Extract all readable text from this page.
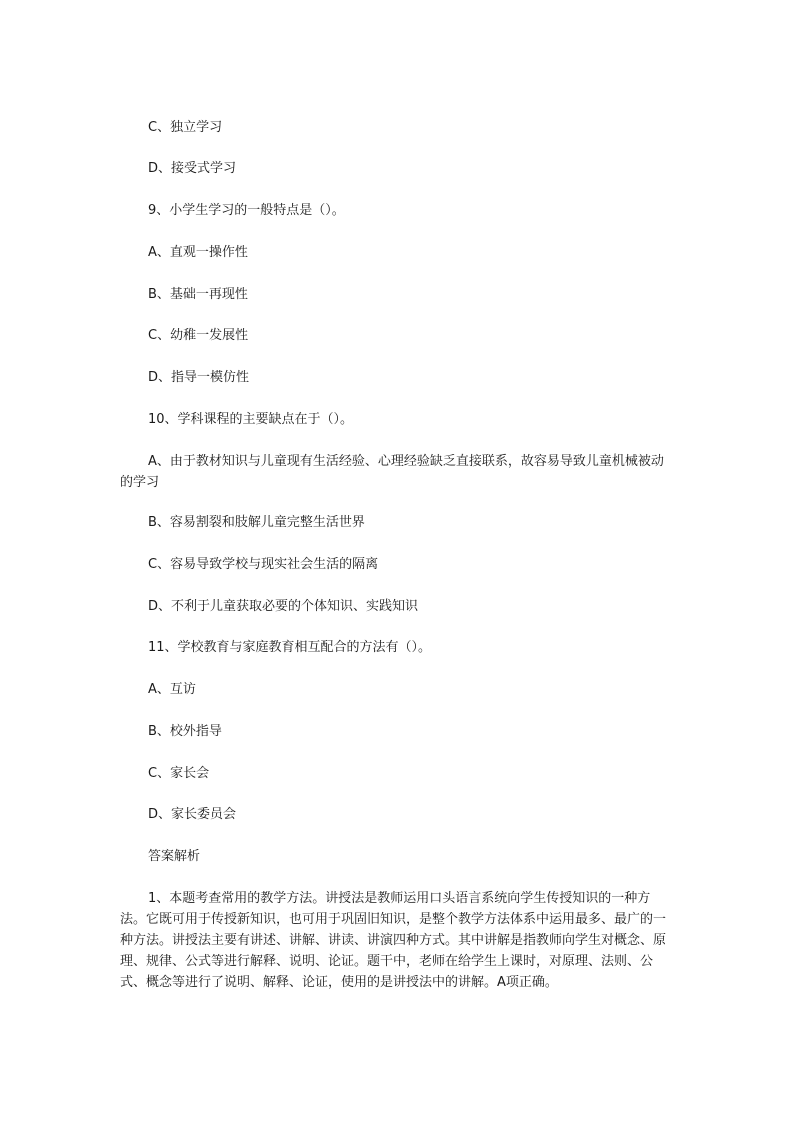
C、独立学习
D、接受式学习
9、小学生学习的一般特点是（）。
A、直观一操作性
B、基础一再现性
C、幼稚一发展性
D、指导一模仿性
10、学科课程的主要缺点在于（）。
A、由于教材知识与儿童现有生活经验、心理经验缺乏直接联系，故容易导致儿童机械被动的学习
B、容易割裂和肢解儿童完整生活世界
C、容易导致学校与现实社会生活的隔离
D、不利于儿童获取必要的个体知识、实践知识
11、学校教育与家庭教育相互配合的方法有（）。
A、互访
B、校外指导
C、家长会
D、家长委员会
答案解析
1、本题考查常用的教学方法。讲授法是教师运用口头语言系统向学生传授知识的一种方法。它既可用于传授新知识，也可用于巩固旧知识，是整个教学方法体系中运用最多、最广的一种方法。讲授法主要有讲述、讲解、讲读、讲演四种方式。其中讲解是指教师向学生对概念、原理、规律、公式等进行解释、说明、论证。题干中，老师在给学生上课时，对原理、法则、公式、概念等进行了说明、解释、论证，使用的是讲授法中的讲解。A项正确。
